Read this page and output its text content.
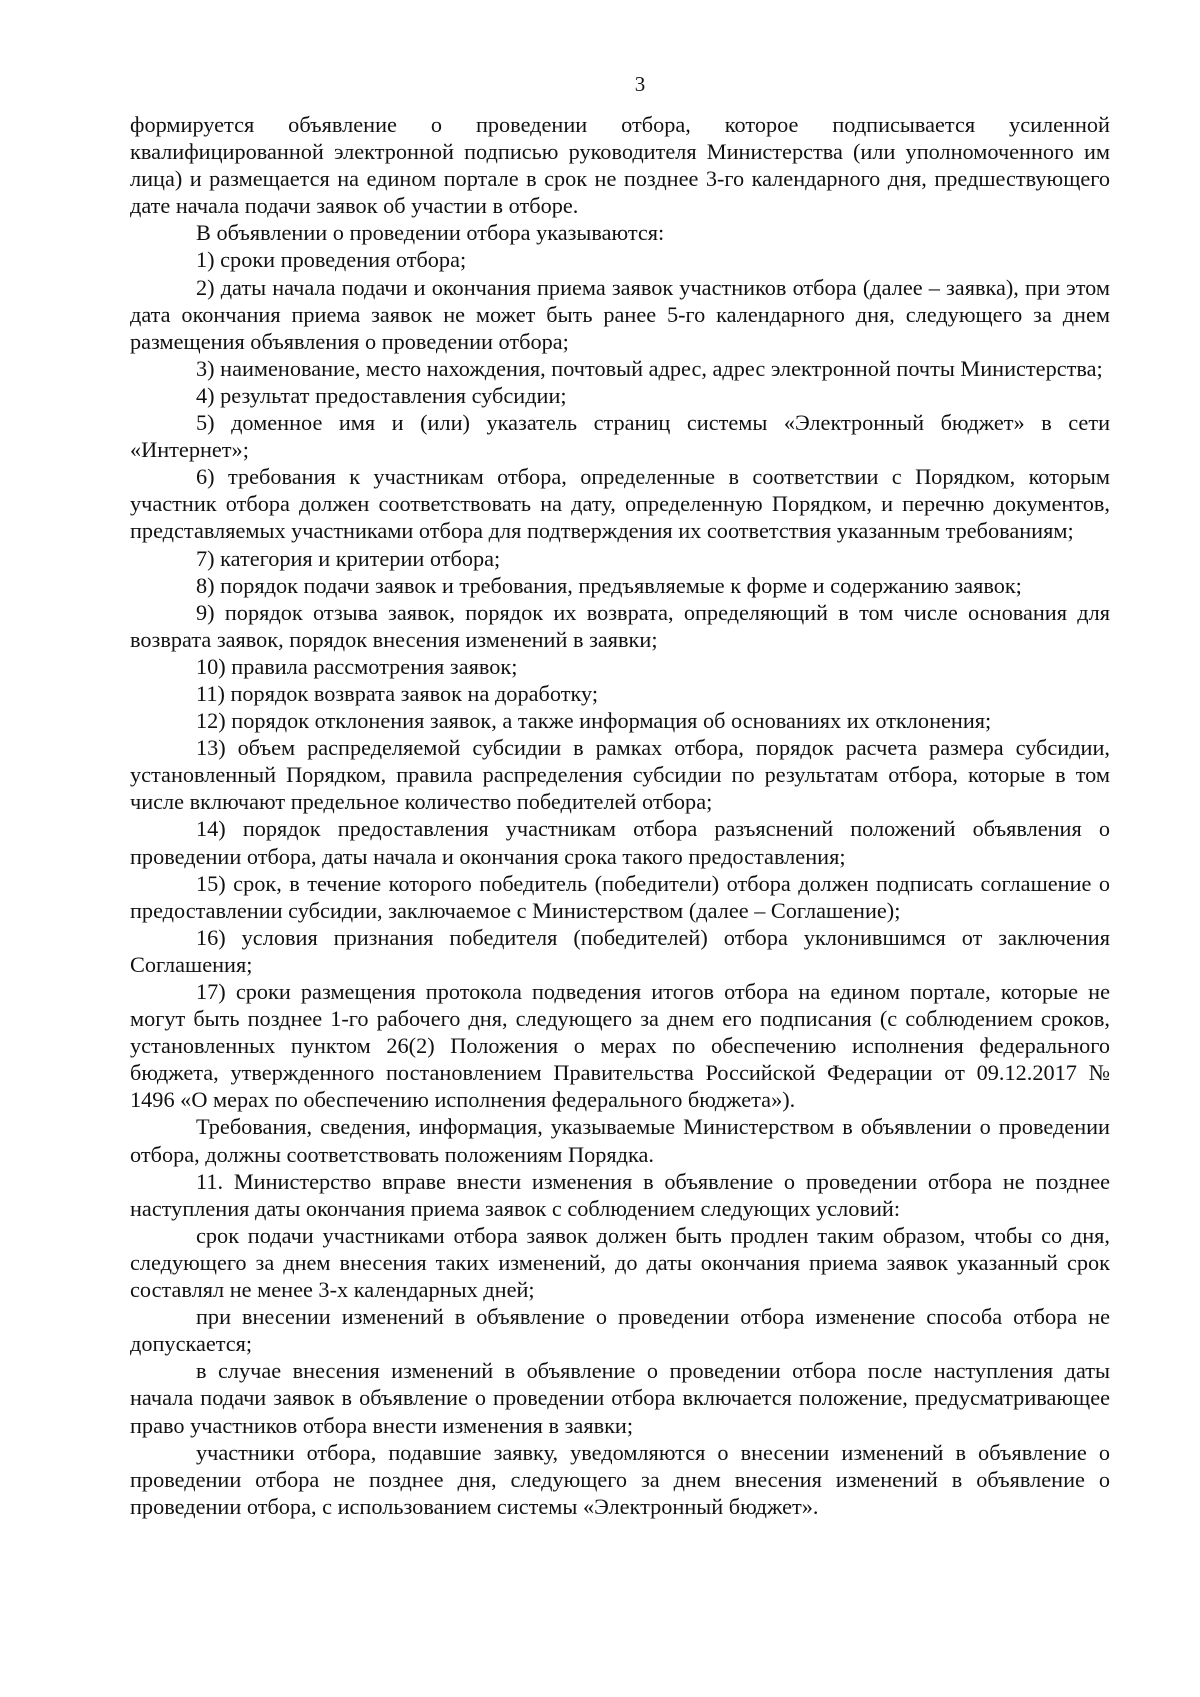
3

формируется объявление о проведении отбора, которое подписывается усиленной квалифицированной электронной подписью руководителя Министерства (или уполномоченного им лица) и размещается на едином портале в срок не позднее 3-го календарного дня, предшествующего дате начала подачи заявок об участии в отборе.

В объявлении о проведении отбора указываются:

1) сроки проведения отбора;

2) даты начала подачи и окончания приема заявок участников отбора (далее – заявка), при этом дата окончания приема заявок не может быть ранее 5-го календарного дня, следующего за днем размещения объявления о проведении отбора;

3) наименование, место нахождения, почтовый адрес, адрес электронной почты Министерства;

4) результат предоставления субсидии;

5) доменное имя и (или) указатель страниц системы «Электронный бюджет» в сети «Интернет»;

6) требования к участникам отбора, определенные в соответствии с Порядком, которым участник отбора должен соответствовать на дату, определенную Порядком, и перечню документов, представляемых участниками отбора для подтверждения их соответствия указанным требованиям;

7) категория и критерии отбора;

8) порядок подачи заявок и требования, предъявляемые к форме и содержанию заявок;

9) порядок отзыва заявок, порядок их возврата, определяющий в том числе основания для возврата заявок, порядок внесения изменений в заявки;

10) правила рассмотрения заявок;

11) порядок возврата заявок на доработку;

12) порядок отклонения заявок, а также информация об основаниях их отклонения;

13) объем распределяемой субсидии в рамках отбора, порядок расчета размера субсидии, установленный Порядком, правила распределения субсидии по результатам отбора, которые в том числе включают предельное количество победителей отбора;

14) порядок предоставления участникам отбора разъяснений положений объявления о проведении отбора, даты начала и окончания срока такого предоставления;

15) срок, в течение которого победитель (победители) отбора должен подписать соглашение о предоставлении субсидии, заключаемое с Министерством (далее – Соглашение);

16) условия признания победителя (победителей) отбора уклонившимся от заключения Соглашения;

17) сроки размещения протокола подведения итогов отбора на едином портале, которые не могут быть позднее 1-го рабочего дня, следующего за днем его подписания (с соблюдением сроков, установленных пунктом 26(2) Положения о мерах по обеспечению исполнения федерального бюджета, утвержденного постановлением Правительства Российской Федерации от 09.12.2017 № 1496 «О мерах по обеспечению исполнения федерального бюджета»).

Требования, сведения, информация, указываемые Министерством в объявлении о проведении отбора, должны соответствовать положениям Порядка.

11. Министерство вправе внести изменения в объявление о проведении отбора не позднее наступления даты окончания приема заявок с соблюдением следующих условий:

срок подачи участниками отбора заявок должен быть продлен таким образом, чтобы со дня, следующего за днем внесения таких изменений, до даты окончания приема заявок указанный срок составлял не менее 3-х календарных дней;

при внесении изменений в объявление о проведении отбора изменение способа отбора не допускается;

в случае внесения изменений в объявление о проведении отбора после наступления даты начала подачи заявок в объявление о проведении отбора включается положение, предусматривающее право участников отбора внести изменения в заявки;

участники отбора, подавшие заявку, уведомляются о внесении изменений в объявление о проведении отбора не позднее дня, следующего за днем внесения изменений в объявление о проведении отбора, с использованием системы «Электронный бюджет».
